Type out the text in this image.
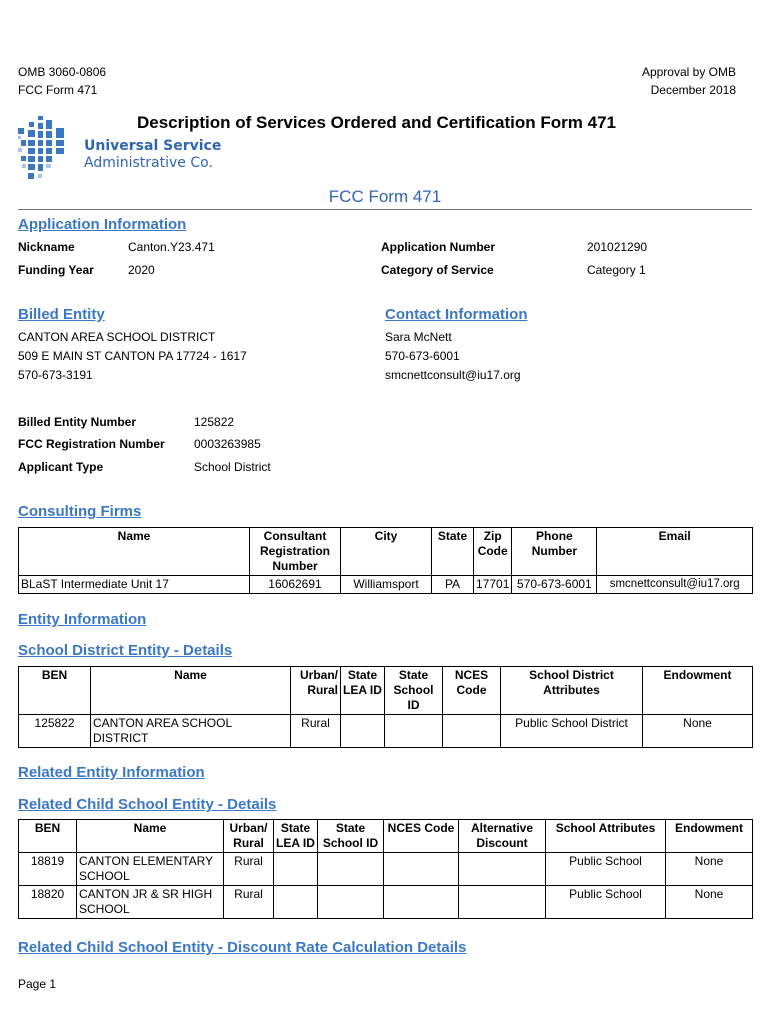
OMB 3060-0806
FCC Form 471
Approval by OMB
December 2018
Description of Services Ordered and Certification Form 471
Universal Service
Administrative Co.
FCC Form 471
Application Information
Nickname	Canton.Y23.471
Funding Year	2020
Application Number	201021290
Category of Service	Category 1
Billed Entity
CANTON AREA SCHOOL DISTRICT
509 E MAIN ST CANTON PA 17724 - 1617
570-673-3191
Contact Information
Sara McNett
570-673-6001
smcnettconsult@iu17.org
Billed Entity Number	125822
FCC Registration Number 0003263985
Applicant Type	School District
Consulting Firms
Name	Consultant Registration Number	City	State	Zip Code	Phone Number	Email
BLaST Intermediate Unit 17	16062691	Williamsport	PA	17701	570-673-6001	smcnettconsult@iu17.org
Entity Information
School District Entity - Details
BEN	Name	Urban/ Rural	State LEA ID	State School ID	NCES Code	School District Attributes	Endowment
125822	CANTON AREA SCHOOL DISTRICT	Rural				Public School District	None
Related Entity Information
Related Child School Entity - Details
BEN	Name	Urban/ Rural	State LEA ID	State School ID	NCES Code	Alternative Discount	School Attributes	Endowment
18819	CANTON ELEMENTARY SCHOOL	Rural					Public School	None
18820	CANTON JR & SR HIGH SCHOOL	Rural					Public School	None
Related Child School Entity - Discount Rate Calculation Details
Page 1
